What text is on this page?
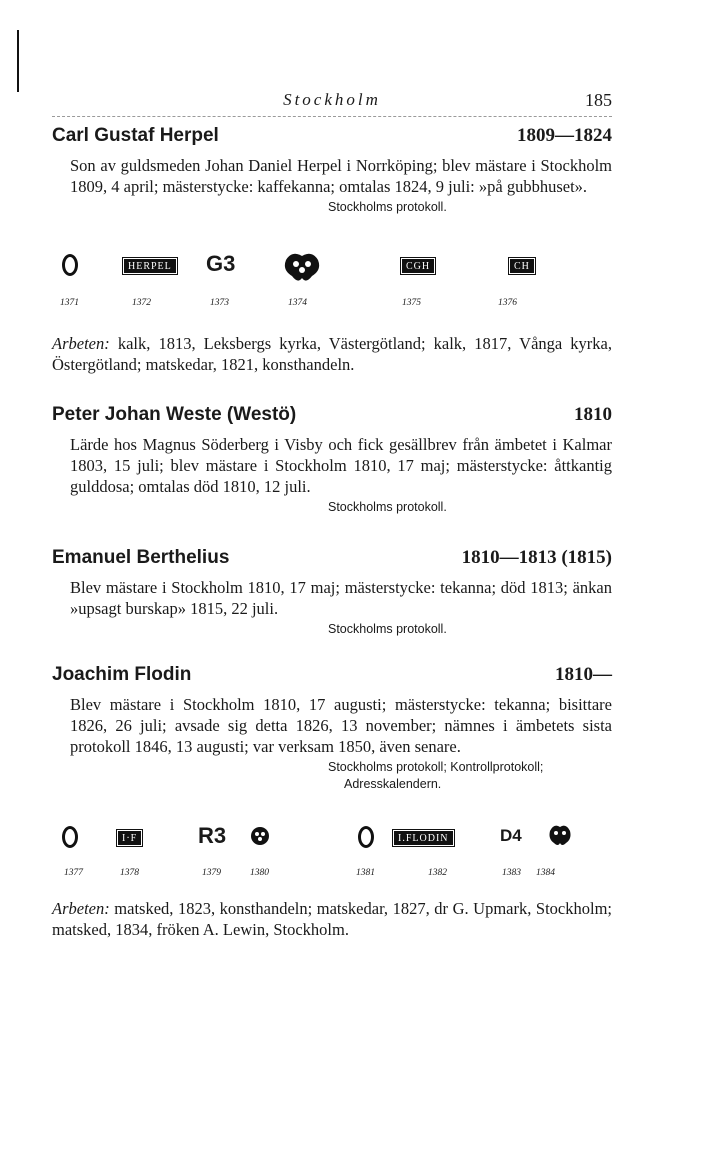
Stockholm	185
Carl Gustaf Herpel	1809—1824
Son av guldsmeden Johan Daniel Herpel i Norrköping; blev mästare i Stockholm 1809, 4 april; mästerstycke: kaffekanna; omtalas 1824, 9 juli: »på gubbhuset».
Stockholms protokoll.
1371
HERPEL
1372
G3
1373	1374
CGH
1375
CH
1376
Arbeten: kalk, 1813, Leksbergs kyrka, Västergötland; kalk, 1817, Vånga kyrka, Östergötland; matskedar, 1821, konsthandeln.
Peter Johan Weste (Westö)	1810
Lärde hos Magnus Söderberg i Visby och fick gesällbrev från ämbetet i Kalmar 1803, 15 juli; blev mästare i Stockholm 1810, 17 maj; mästerstycke: åttkantig gulddosa; omtalas död 1810, 12 juli.
Stockholms protokoll.
Emanuel Berthelius	1810—1813 (1815)
Blev mästare i Stockholm 1810, 17 maj; mästerstycke: tekanna; död 1813; änkan »upsagt burskap» 1815, 22 juli.
Stockholms protokoll.
Joachim Flodin	1810—
Blev mästare i Stockholm 1810, 17 augusti; mästerstycke: tekanna; bisittare 1826, 26 juli; avsade sig detta 1826, 13 november; nämnes i ämbetets sista protokoll 1846, 13 augusti; var verksam 1850, även senare.
Stockholms protokoll; Kontrollprotokoll;
Adresskalendern.
1377
I·F
1378
R3
1379	1380	1381
I.FLODIN
1382
D4
1383 1384
Arbeten: matsked, 1823, konsthandeln; matskedar, 1827, dr G. Upmark, Stockholm; matsked, 1834, fröken A. Lewin, Stockholm.
